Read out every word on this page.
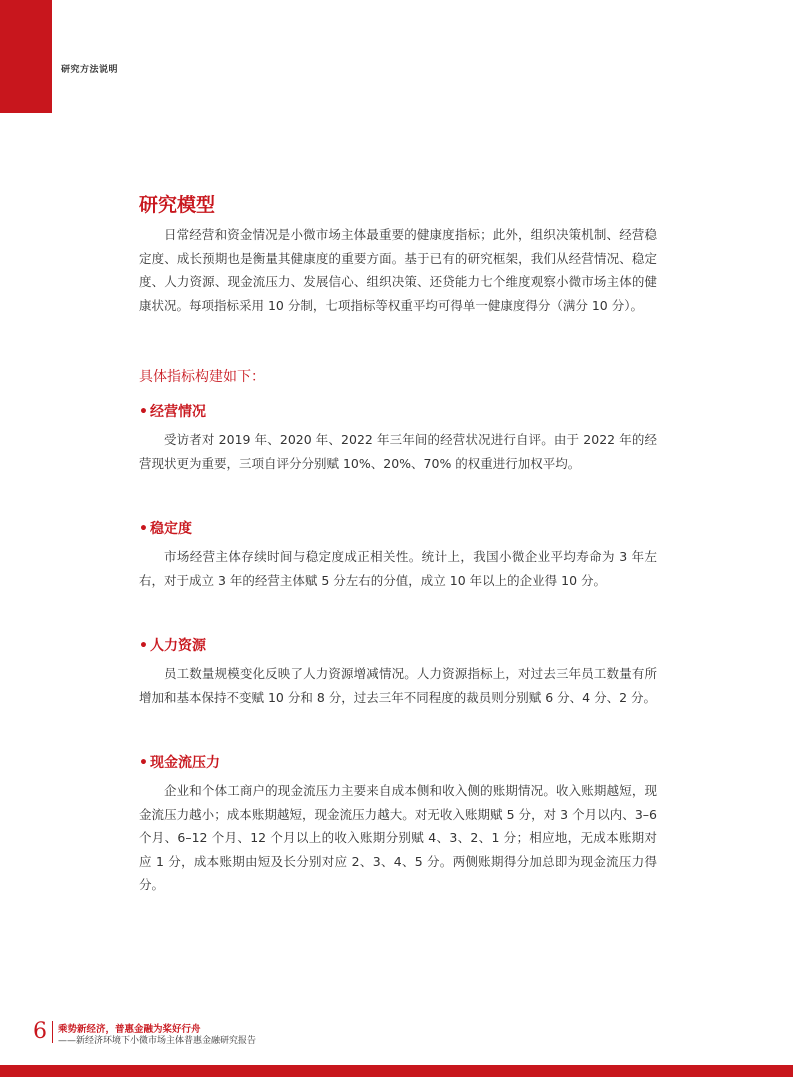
研究方法说明
研究模型

日常经营和资金情况是小微市场主体最重要的健康度指标；此外，组织决策机制、经营稳定度、成长预期也是衡量其健康度的重要方面。基于已有的研究框架，我们从经营情况、稳定度、人力资源、现金流压力、发展信心、组织决策、还贷能力七个维度观察小微市场主体的健康状况。每项指标采用 10 分制，七项指标等权重平均可得单一健康度得分（满分 10 分）。

具体指标构建如下：
• 经营情况

受访者对 2019 年、2020 年、2022 年三年间的经营状况进行自评。由于 2022 年的经营现状更为重要，三项自评分分别赋 10%、20%、70% 的权重进行加权平均。

• 稳定度

市场经营主体存续时间与稳定度成正相关性。统计上，我国小微企业平均寿命为 3 年左右，对于成立 3 年的经营主体赋 5 分左右的分值，成立 10 年以上的企业得 10 分。

• 人力资源

员工数量规模变化反映了人力资源增减情况。人力资源指标上，对过去三年员工数量有所增加和基本保持不变赋 10 分和 8 分，过去三年不同程度的裁员则分别赋 6 分、4 分、2 分。

• 现金流压力

企业和个体工商户的现金流压力主要来自成本侧和收入侧的账期情况。收入账期越短，现金流压力越小；成本账期越短，现金流压力越大。对无收入账期赋 5 分，对 3 个月以内、3–6 个月、6–12 个月、12 个月以上的收入账期分别赋 4、3、2、1 分；相应地，无成本账期对应 1 分，成本账期由短及长分别对应 2、3、4、5 分。两侧账期得分加总即为现金流压力得分。

6 乘势新经济，普惠金融为桨好行舟
——新经济环境下小微市场主体普惠金融研究报告
